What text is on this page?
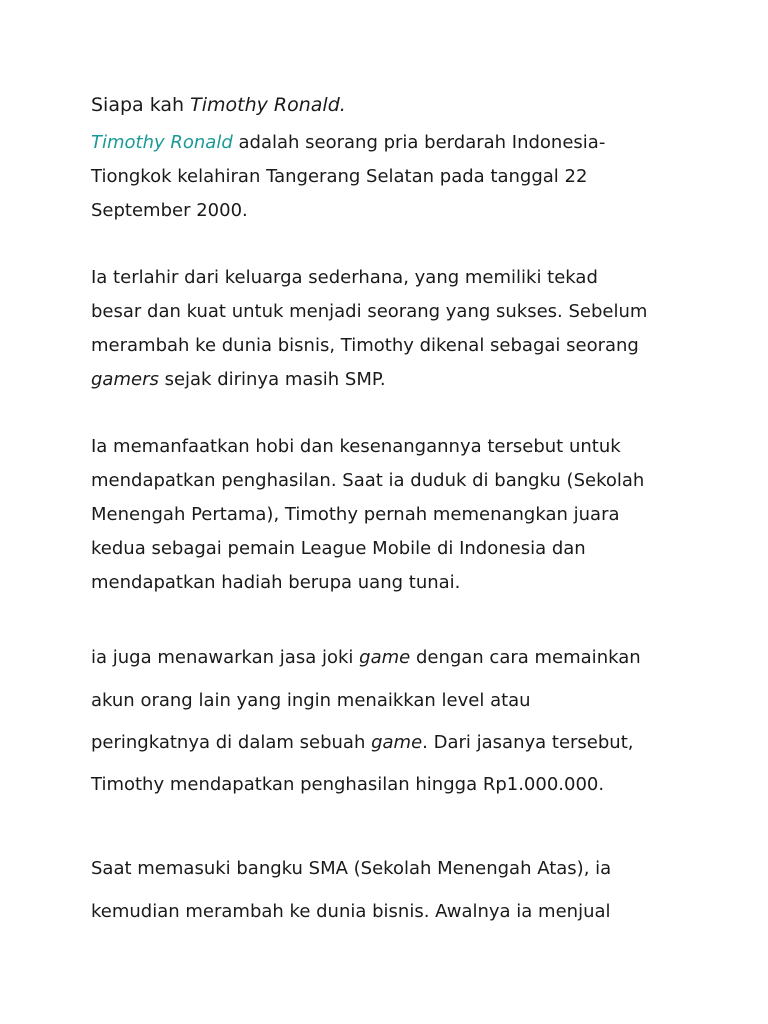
Siapa kah Timothy Ronald.
Timothy Ronald adalah seorang pria berdarah Indonesia-
Tiongkok kelahiran Tangerang Selatan pada tanggal 22
September 2000.
Ia terlahir dari keluarga sederhana, yang memiliki tekad
besar dan kuat untuk menjadi seorang yang sukses. Sebelum
merambah ke dunia bisnis, Timothy dikenal sebagai seorang
gamers sejak dirinya masih SMP.
Ia memanfaatkan hobi dan kesenangannya tersebut untuk
mendapatkan penghasilan. Saat ia duduk di bangku (Sekolah
Menengah Pertama), Timothy pernah memenangkan juara
kedua sebagai pemain League Mobile di Indonesia dan
mendapatkan hadiah berupa uang tunai.
ia juga menawarkan jasa joki game dengan cara memainkan
akun orang lain yang ingin menaikkan level atau
peringkatnya di dalam sebuah game. Dari jasanya tersebut,
Timothy mendapatkan penghasilan hingga Rp1.000.000.
Saat memasuki bangku SMA (Sekolah Menengah Atas), ia
kemudian merambah ke dunia bisnis. Awalnya ia menjual
